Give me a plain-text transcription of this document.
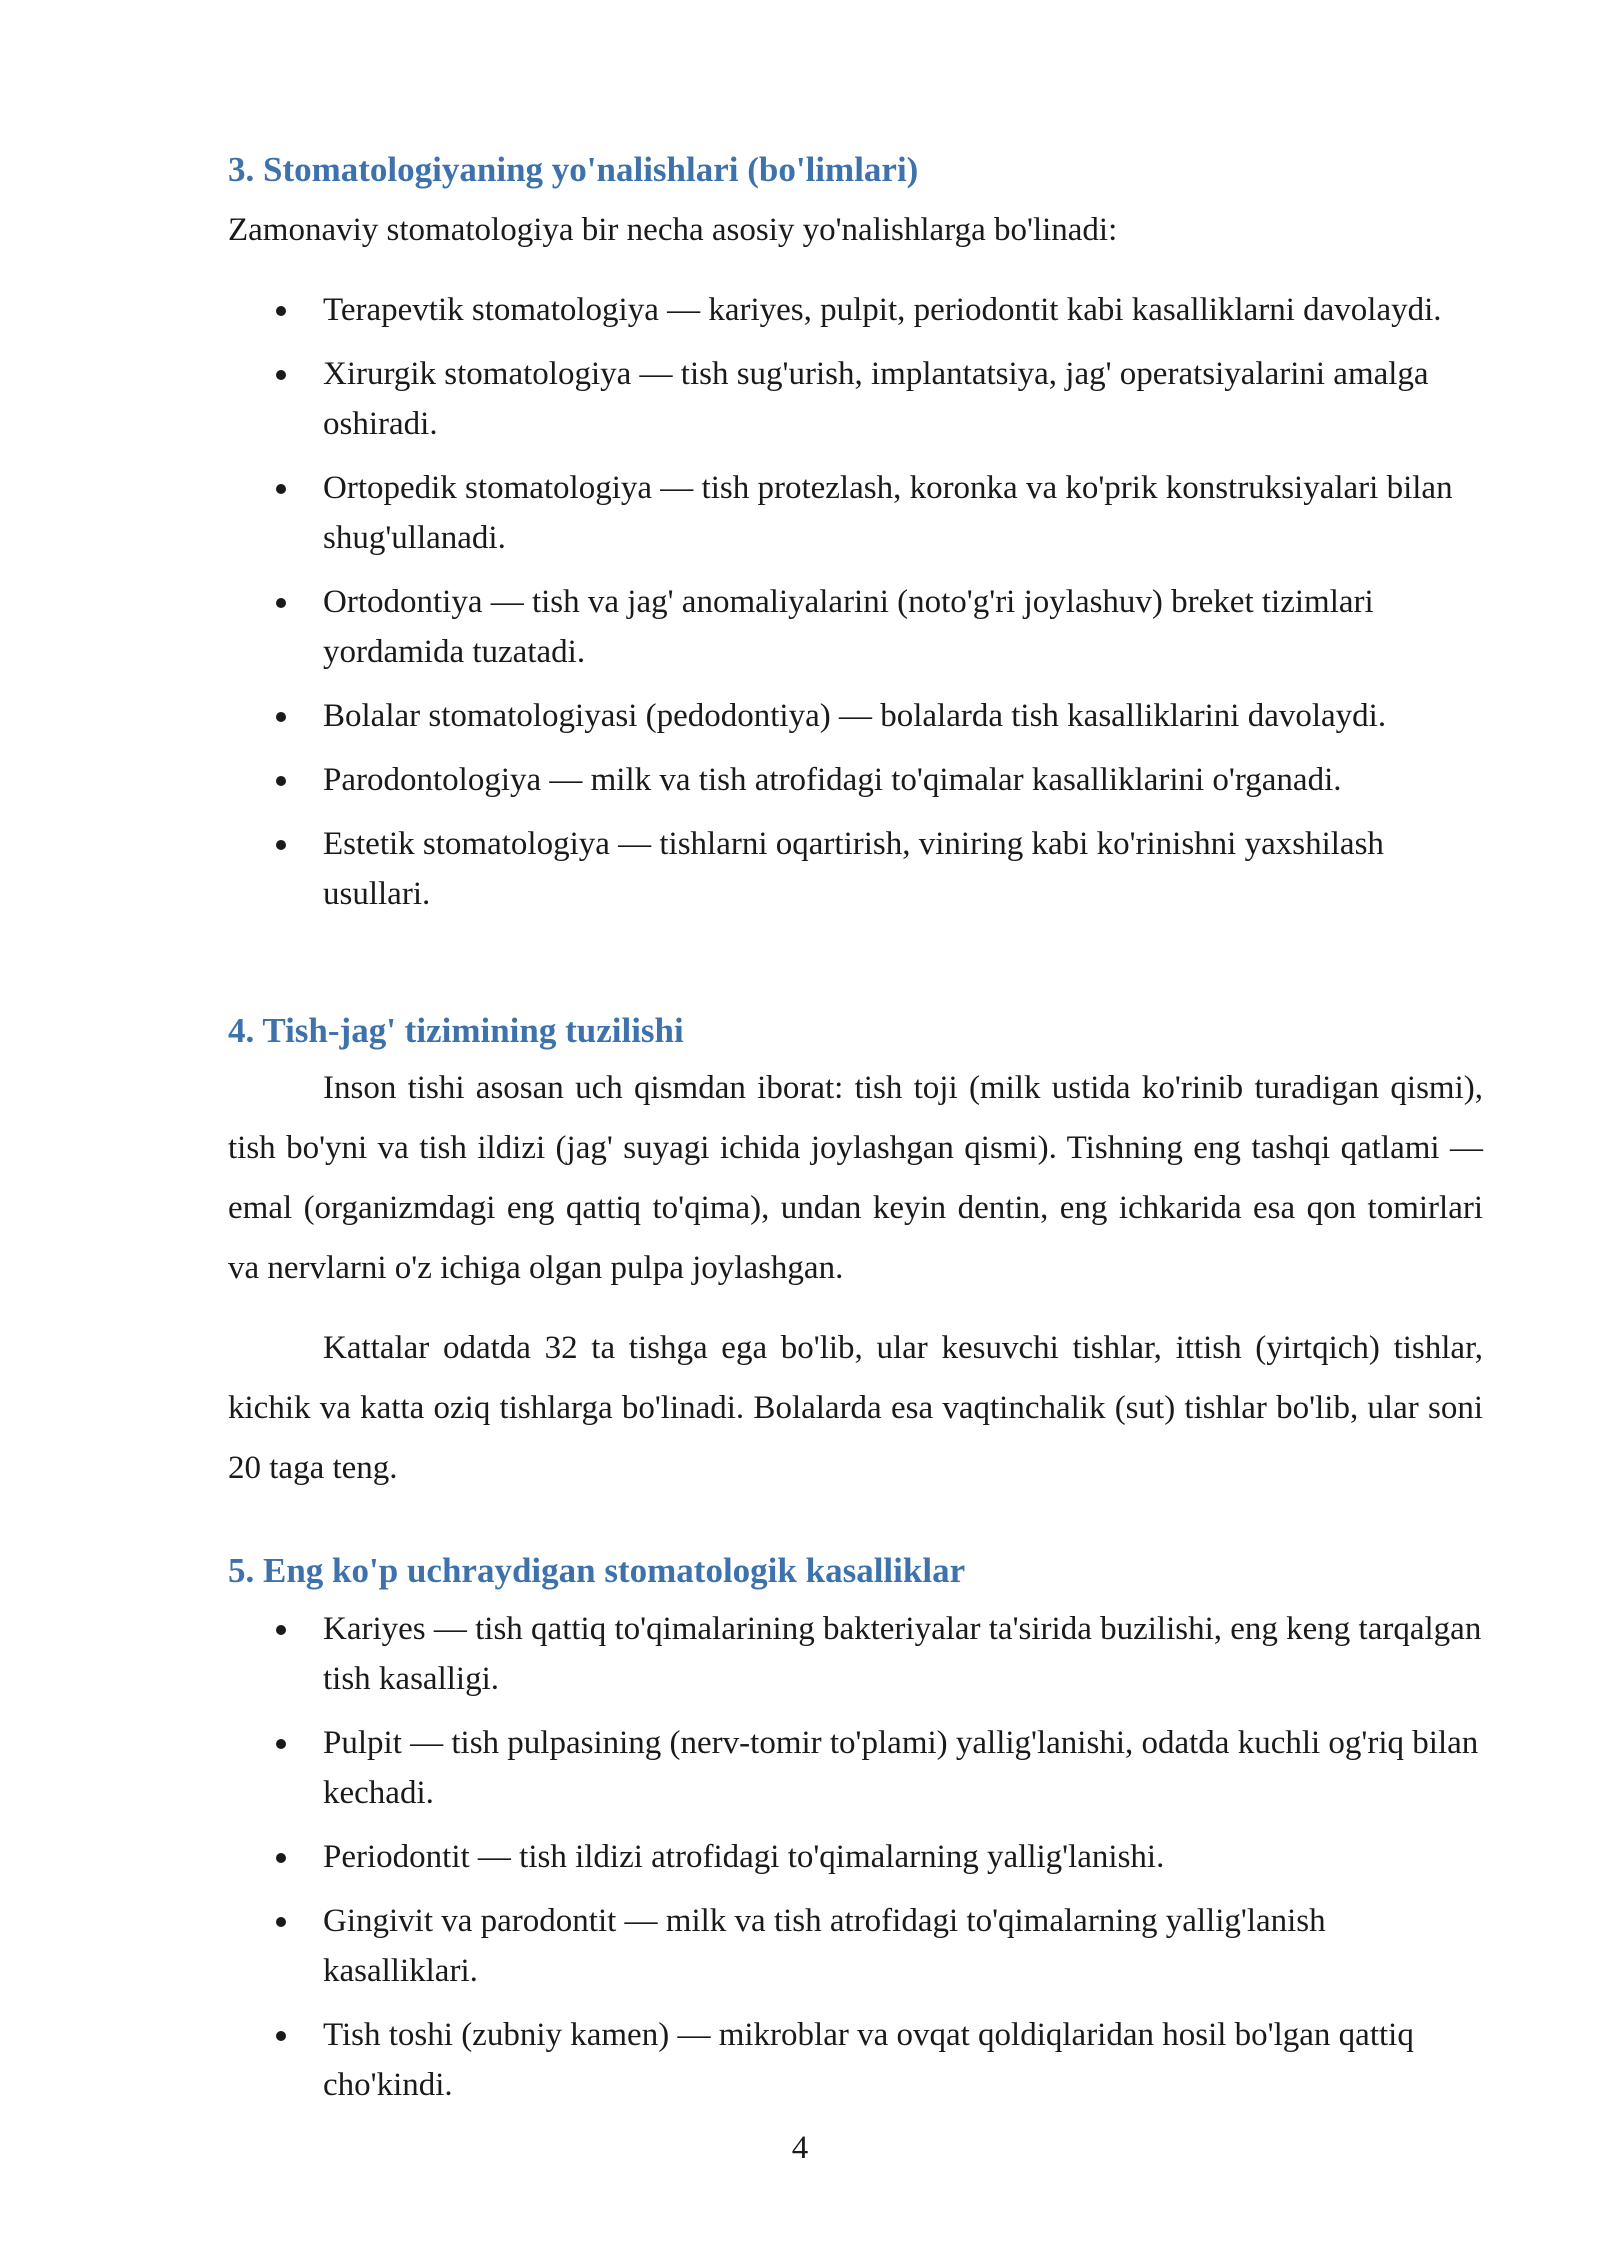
3. Stomatologiyaning yo'nalishlari (bo'limlari)

Zamonaviy stomatologiya bir necha asosiy yo'nalishlarga bo'linadi:

Terapevtik stomatologiya — kariyes, pulpit, periodontit kabi kasalliklarni davolaydi.
Xirurgik stomatologiya — tish sug'urish, implantatsiya, jag' operatsiyalarini amalga oshiradi.
Ortopedik stomatologiya — tish protezlash, koronka va ko'prik konstruksiyalari bilan shug'ullanadi.
Ortodontiya — tish va jag' anomaliyalarini (noto'g'ri joylashuv) breket tizimlari yordamida tuzatadi.
Bolalar stomatologiyasi (pedodontiya) — bolalarda tish kasalliklarini davolaydi.
Parodontologiya — milk va tish atrofidagi to'qimalar kasalliklarini o'rganadi.
Estetik stomatologiya — tishlarni oqartirish, viniring kabi ko'rinishni yaxshilash usullari.
4. Tish-jag' tizimining tuzilishi

Inson tishi asosan uch qismdan iborat: tish toji (milk ustida ko'rinib turadigan qismi), tish bo'yni va tish ildizi (jag' suyagi ichida joylashgan qismi). Tishning eng tashqi qatlami — emal (organizmdagi eng qattiq to'qima), undan keyin dentin, eng ichkarida esa qon tomirlari va nervlarni o'z ichiga olgan pulpa joylashgan.

Kattalar odatda 32 ta tishga ega bo'lib, ular kesuvchi tishlar, ittish (yirtqich) tishlar, kichik va katta oziq tishlarga bo'linadi. Bolalarda esa vaqtinchalik (sut) tishlar bo'lib, ular soni 20 taga teng.

5. Eng ko'p uchraydigan stomatologik kasalliklar
Kariyes — tish qattiq to'qimalarining bakteriyalar ta'sirida buzilishi, eng keng tarqalgan tish kasalligi.
Pulpit — tish pulpasining (nerv-tomir to'plami) yallig'lanishi, odatda kuchli og'riq bilan kechadi.
Periodontit — tish ildizi atrofidagi to'qimalarning yallig'lanishi.
Gingivit va parodontit — milk va tish atrofidagi to'qimalarning yallig'lanish kasalliklari.
Tish toshi (zubniy kamen) — mikroblar va ovqat qoldiqlaridan hosil bo'lgan qattiq cho'kindi.
4
